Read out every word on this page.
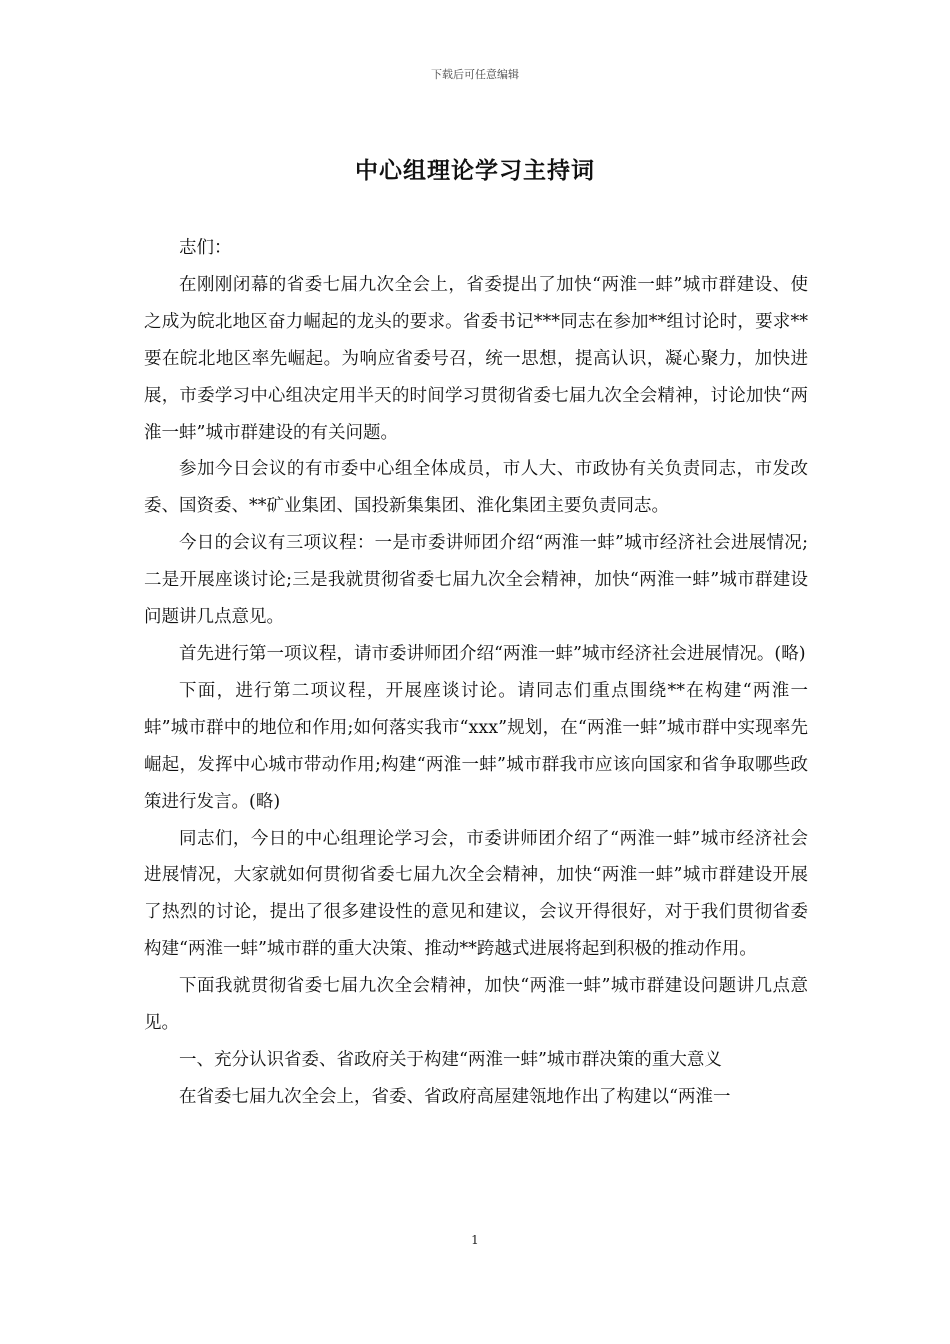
下载后可任意编辑
中心组理论学习主持词

志们：

在刚刚闭幕的省委七届九次全会上，省委提出了加快“两淮一蚌”城市群建设、使之成为皖北地区奋力崛起的龙头的要求。省委书记***同志在参加**组讨论时，要求**要在皖北地区率先崛起。为响应省委号召，统一思想，提高认识，凝心聚力，加快进展，市委学习中心组决定用半天的时间学习贯彻省委七届九次全会精神，讨论加快“两淮一蚌”城市群建设的有关问题。

参加今日会议的有市委中心组全体成员，市人大、市政协有关负责同志，市发改委、国资委、**矿业集团、国投新集集团、淮化集团主要负责同志。

今日的会议有三项议程：一是市委讲师团介绍“两淮一蚌”城市经济社会进展情况;二是开展座谈讨论;三是我就贯彻省委七届九次全会精神，加快“两淮一蚌”城市群建设问题讲几点意见。

首先进行第一项议程，请市委讲师团介绍“两淮一蚌”城市经济社会进展情况。(略)

下面，进行第二项议程，开展座谈讨论。请同志们重点围绕**在构建“两淮一蚌”城市群中的地位和作用;如何落实我市“xxx”规划，在“两淮一蚌”城市群中实现率先崛起，发挥中心城市带动作用;构建“两淮一蚌”城市群我市应该向国家和省争取哪些政策进行发言。(略)

同志们，今日的中心组理论学习会，市委讲师团介绍了“两淮一蚌”城市经济社会进展情况，大家就如何贯彻省委七届九次全会精神，加快“两淮一蚌”城市群建设开展了热烈的讨论，提出了很多建设性的意见和建议，会议开得很好，对于我们贯彻省委构建“两淮一蚌”城市群的重大决策、推动**跨越式进展将起到积极的推动作用。

下面我就贯彻省委七届九次全会精神，加快“两淮一蚌”城市群建设问题讲几点意见。

一、充分认识省委、省政府关于构建“两淮一蚌”城市群决策的重大意义

在省委七届九次全会上，省委、省政府高屋建瓴地作出了构建以“两淮一

1
